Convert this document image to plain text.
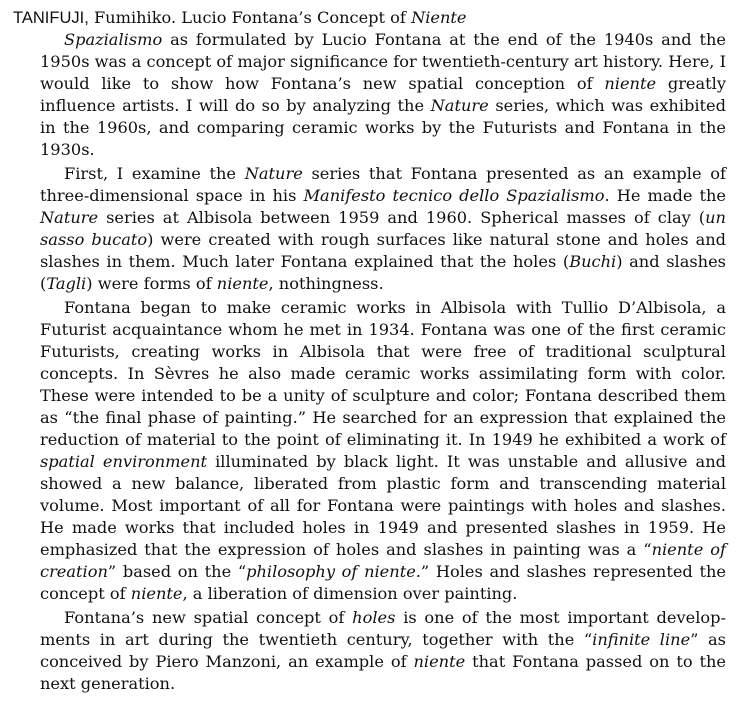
TANIFUJI, Fumihiko. Lucio Fontana’s Concept of Niente

Spazialismo as formulated by Lucio Fontana at the end of the 1940s and the 1950s was a concept of major significance for twentieth-century art history. Here, I would like to show how Fontana’s new spatial conception of niente greatly influence artists. I will do so by analyzing the Nature series, which was exhibited in the 1960s, and comparing ceramic works by the Futurists and Fontana in the 1930s.

First, I examine the Nature series that Fontana presented as an example of three-dimensional space in his Manifesto tecnico dello Spazialismo. He made the Nature series at Albisola between 1959 and 1960. Spherical masses of clay (un sasso bucato) were created with rough surfaces like natural stone and holes and slashes in them. Much later Fontana explained that the holes (Buchi) and slashes (Tagli) were forms of niente, nothingness.

Fontana began to make ceramic works in Albisola with Tullio D’Albisola, a Futurist acquaintance whom he met in 1934. Fontana was one of the first ceramic Futurists, creating works in Albisola that were free of traditional sculptural concepts. In Sèvres he also made ceramic works assimilating form with color. These were intended to be a unity of sculpture and color; Fontana described them as “the final phase of painting.” He searched for an expression that explained the reduction of material to the point of eliminating it. In 1949 he exhibited a work of spatial environment illuminated by black light. It was unstable and allusive and showed a new balance, liberated from plastic form and transcending material volume. Most important of all for Fontana were paintings with holes and slashes. He made works that included holes in 1949 and presented slashes in 1959. He emphasized that the expression of holes and slashes in painting was a “niente of creation” based on the “philosophy of niente.” Holes and slashes represented the concept of niente, a liberation of dimension over painting.

Fontana’s new spatial concept of holes is one of the most important developments in art during the twentieth century, together with the “infinite line” as conceived by Piero Manzoni, an example of niente that Fontana passed on to the next generation.
